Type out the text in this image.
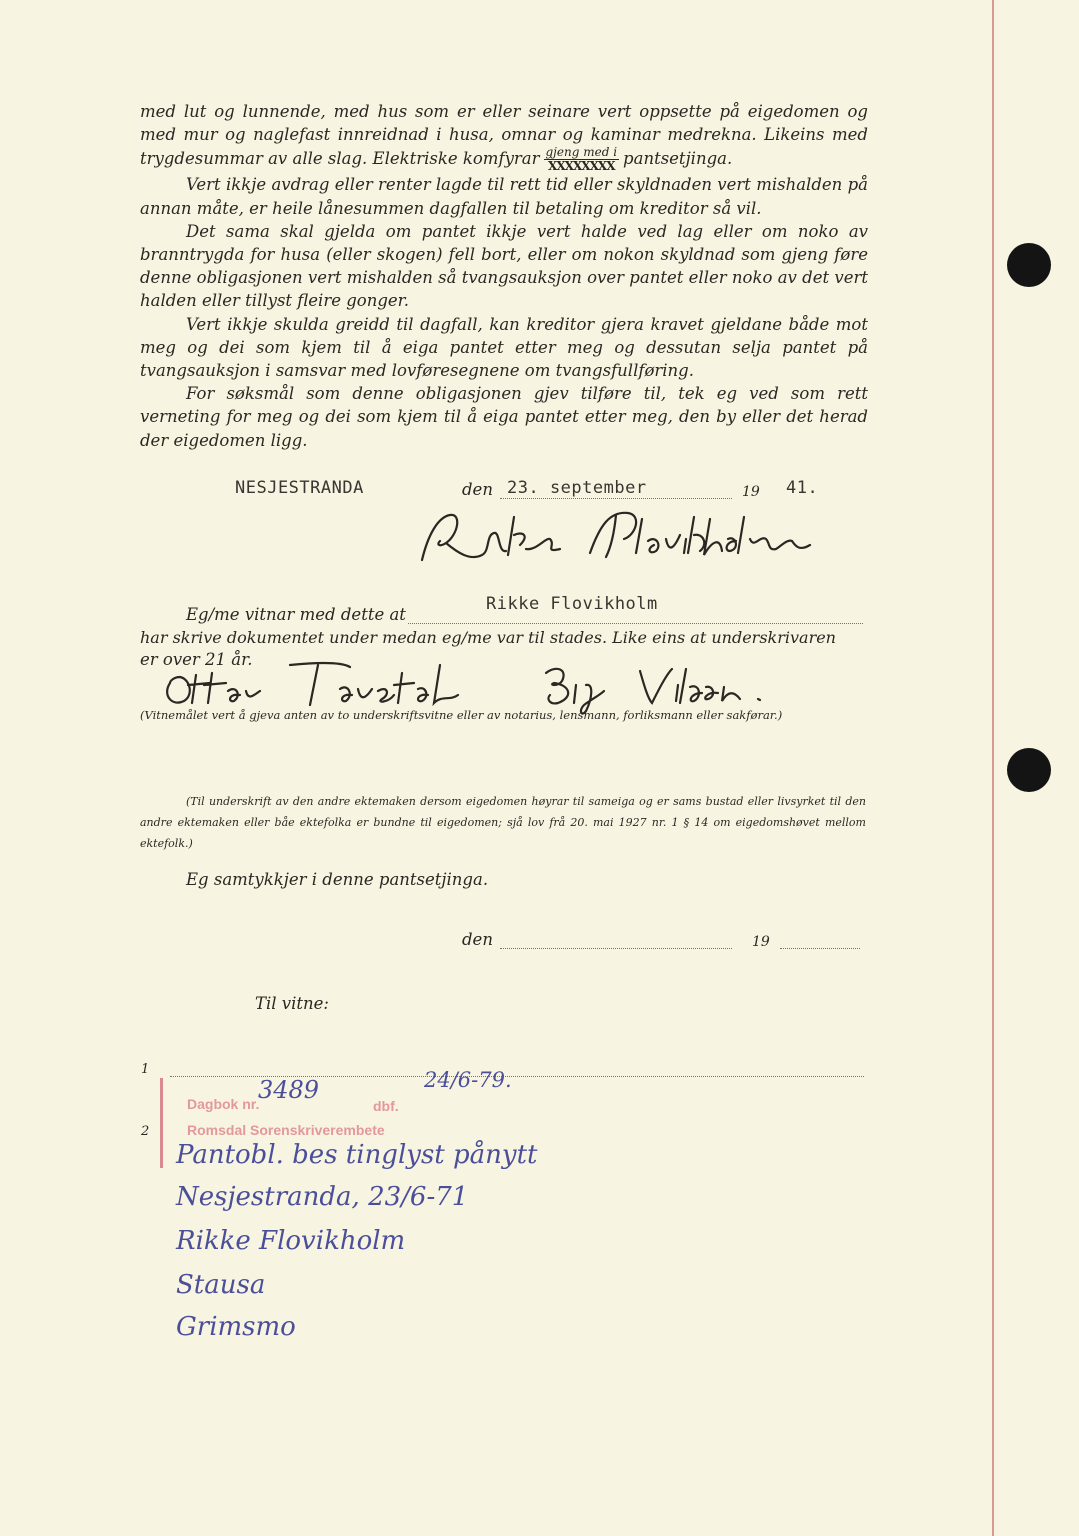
med lut og lunnende, med hus som er eller seinare vert oppsette på eigedomen og med mur og naglefast innreidnad i husa, omnar og kaminar medrekna. Likeins med trygdesummar av alle slag. Elektriske komfyrar $\frac{\text{gjeng med i}}{\text{XXXXXXXX}}$ pantsetjinga.

Vert ikkje avdrag eller renter lagde til rett tid eller skyldnaden vert mishalden på annan måte, er heile lånesummen dagfallen til betaling om kreditor så vil.

Det sama skal gjelda om pantet ikkje vert halde ved lag eller om noko av branntrygda for husa (eller skogen) fell bort, eller om nokon skyldnad som gjeng føre denne obligasjonen vert mishalden så tvangsauksjon over pantet eller noko av det vert halden eller tillyst fleire gonger.

Vert ikkje skulda greidd til dagfall, kan kreditor gjera kravet gjeldane både mot meg og dei som kjem til å eiga pantet etter meg og dessutan selja pantet på tvangsauksjon i samsvar med lovføresegnene om tvangsfullføring.

For søksmål som denne obligasjonen gjev tilføre til, tek eg ved som rett verneting for meg og dei som kjem til å eiga pantet etter meg, den by eller det herad der eigedomen ligg.

NESJESTRANDA	den 23. september	19 41.
Eg/me vitnar med dette at
Rikke Flovikholm
har skrive dokumentet under medan eg/me var til stades. Like eins at underskrivaren
er over 21 år.
(Vitnemålet vert å gjeva anten av to underskriftsvitne eller av notarius, lensmann, forliksmann eller sakførar.)
(Til underskrift av den andre ektemaken dersom eigedomen høyrar til sameiga og er sams bustad eller livsyrket til den andre ektemaken eller båe ektefolka er bundne til eigedomen; sjå lov frå 20. mai 1927 nr. 1 § 14 om eigedomshøvet mellom ektefolk.)
Eg samtykkjer i denne pantsetjinga.
den	19
Til vitne:
1
2
Dagbok nr.	dbf.
Romsdal Sorenskriverembete
3489	24/6-79.
Pantobl. bes tinglyst pånytt
Nesjestranda, 23/6-71
Rikke Flovikholm
Stausa
Grimsmo
